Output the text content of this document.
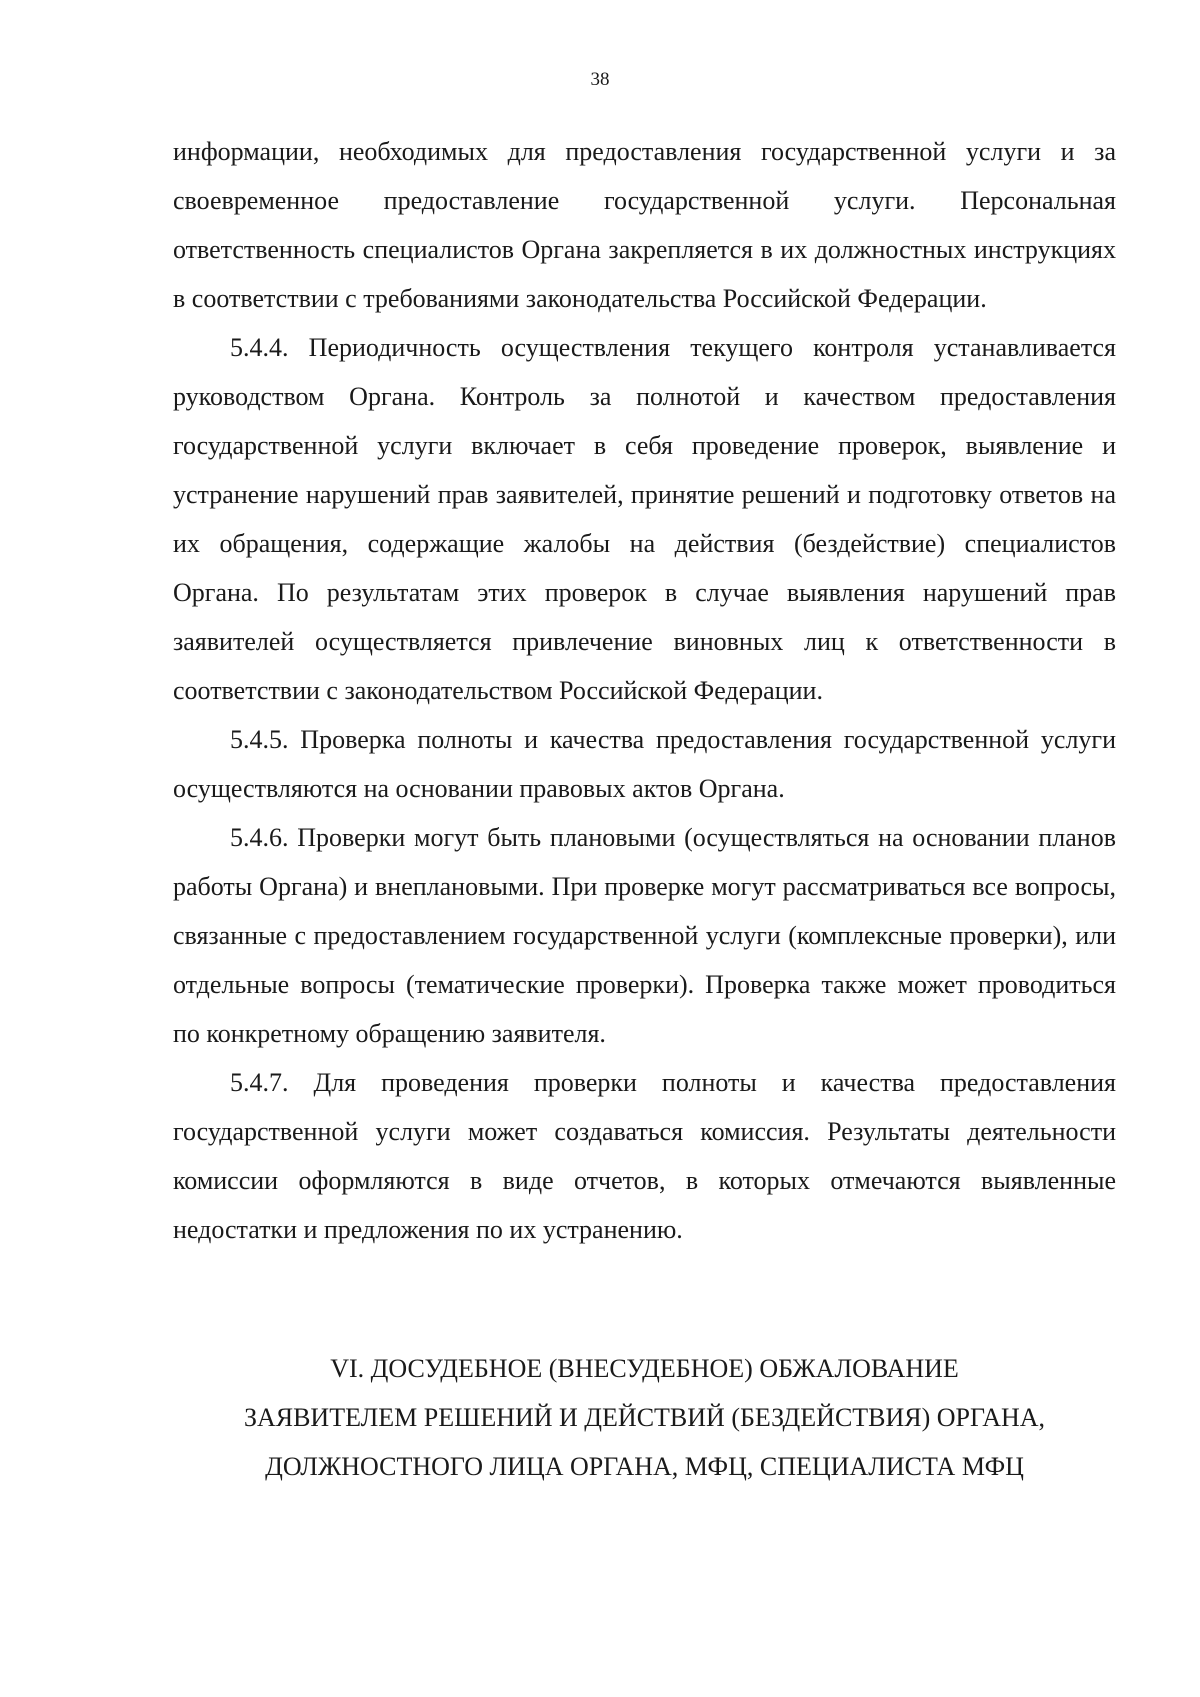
38

информации, необходимых для предоставления государственной услуги и за своевременное предоставление государственной услуги. Персональная ответственность специалистов Органа закрепляется в их должностных инструкциях в соответствии с требованиями законодательства Российской Федерации.

5.4.4. Периодичность осуществления текущего контроля устанавливается руководством Органа. Контроль за полнотой и качеством предоставления государственной услуги включает в себя проведение проверок, выявление и устранение нарушений прав заявителей, принятие решений и подготовку ответов на их обращения, содержащие жалобы на действия (бездействие) специалистов Органа. По результатам этих проверок в случае выявления нарушений прав заявителей осуществляется привлечение виновных лиц к ответственности в соответствии с законодательством Российской Федерации.

5.4.5. Проверка полноты и качества предоставления государственной услуги осуществляются на основании правовых актов Органа.

5.4.6. Проверки могут быть плановыми (осуществляться на основании планов работы Органа) и внеплановыми. При проверке могут рассматриваться все вопросы, связанные с предоставлением государственной услуги (комплексные проверки), или отдельные вопросы (тематические проверки). Проверка также может проводиться по конкретному обращению заявителя.

5.4.7. Для проведения проверки полноты и качества предоставления государственной услуги может создаваться комиссия. Результаты деятельности комиссии оформляются в виде отчетов, в которых отмечаются выявленные недостатки и предложения по их устранению.

VI. ДОСУДЕБНОЕ (ВНЕСУДЕБНОЕ) ОБЖАЛОВАНИЕ
ЗАЯВИТЕЛЕМ РЕШЕНИЙ И ДЕЙСТВИЙ (БЕЗДЕЙСТВИЯ) ОРГАНА,
ДОЛЖНОСТНОГО ЛИЦА ОРГАНА, МФЦ, СПЕЦИАЛИСТА МФЦ
